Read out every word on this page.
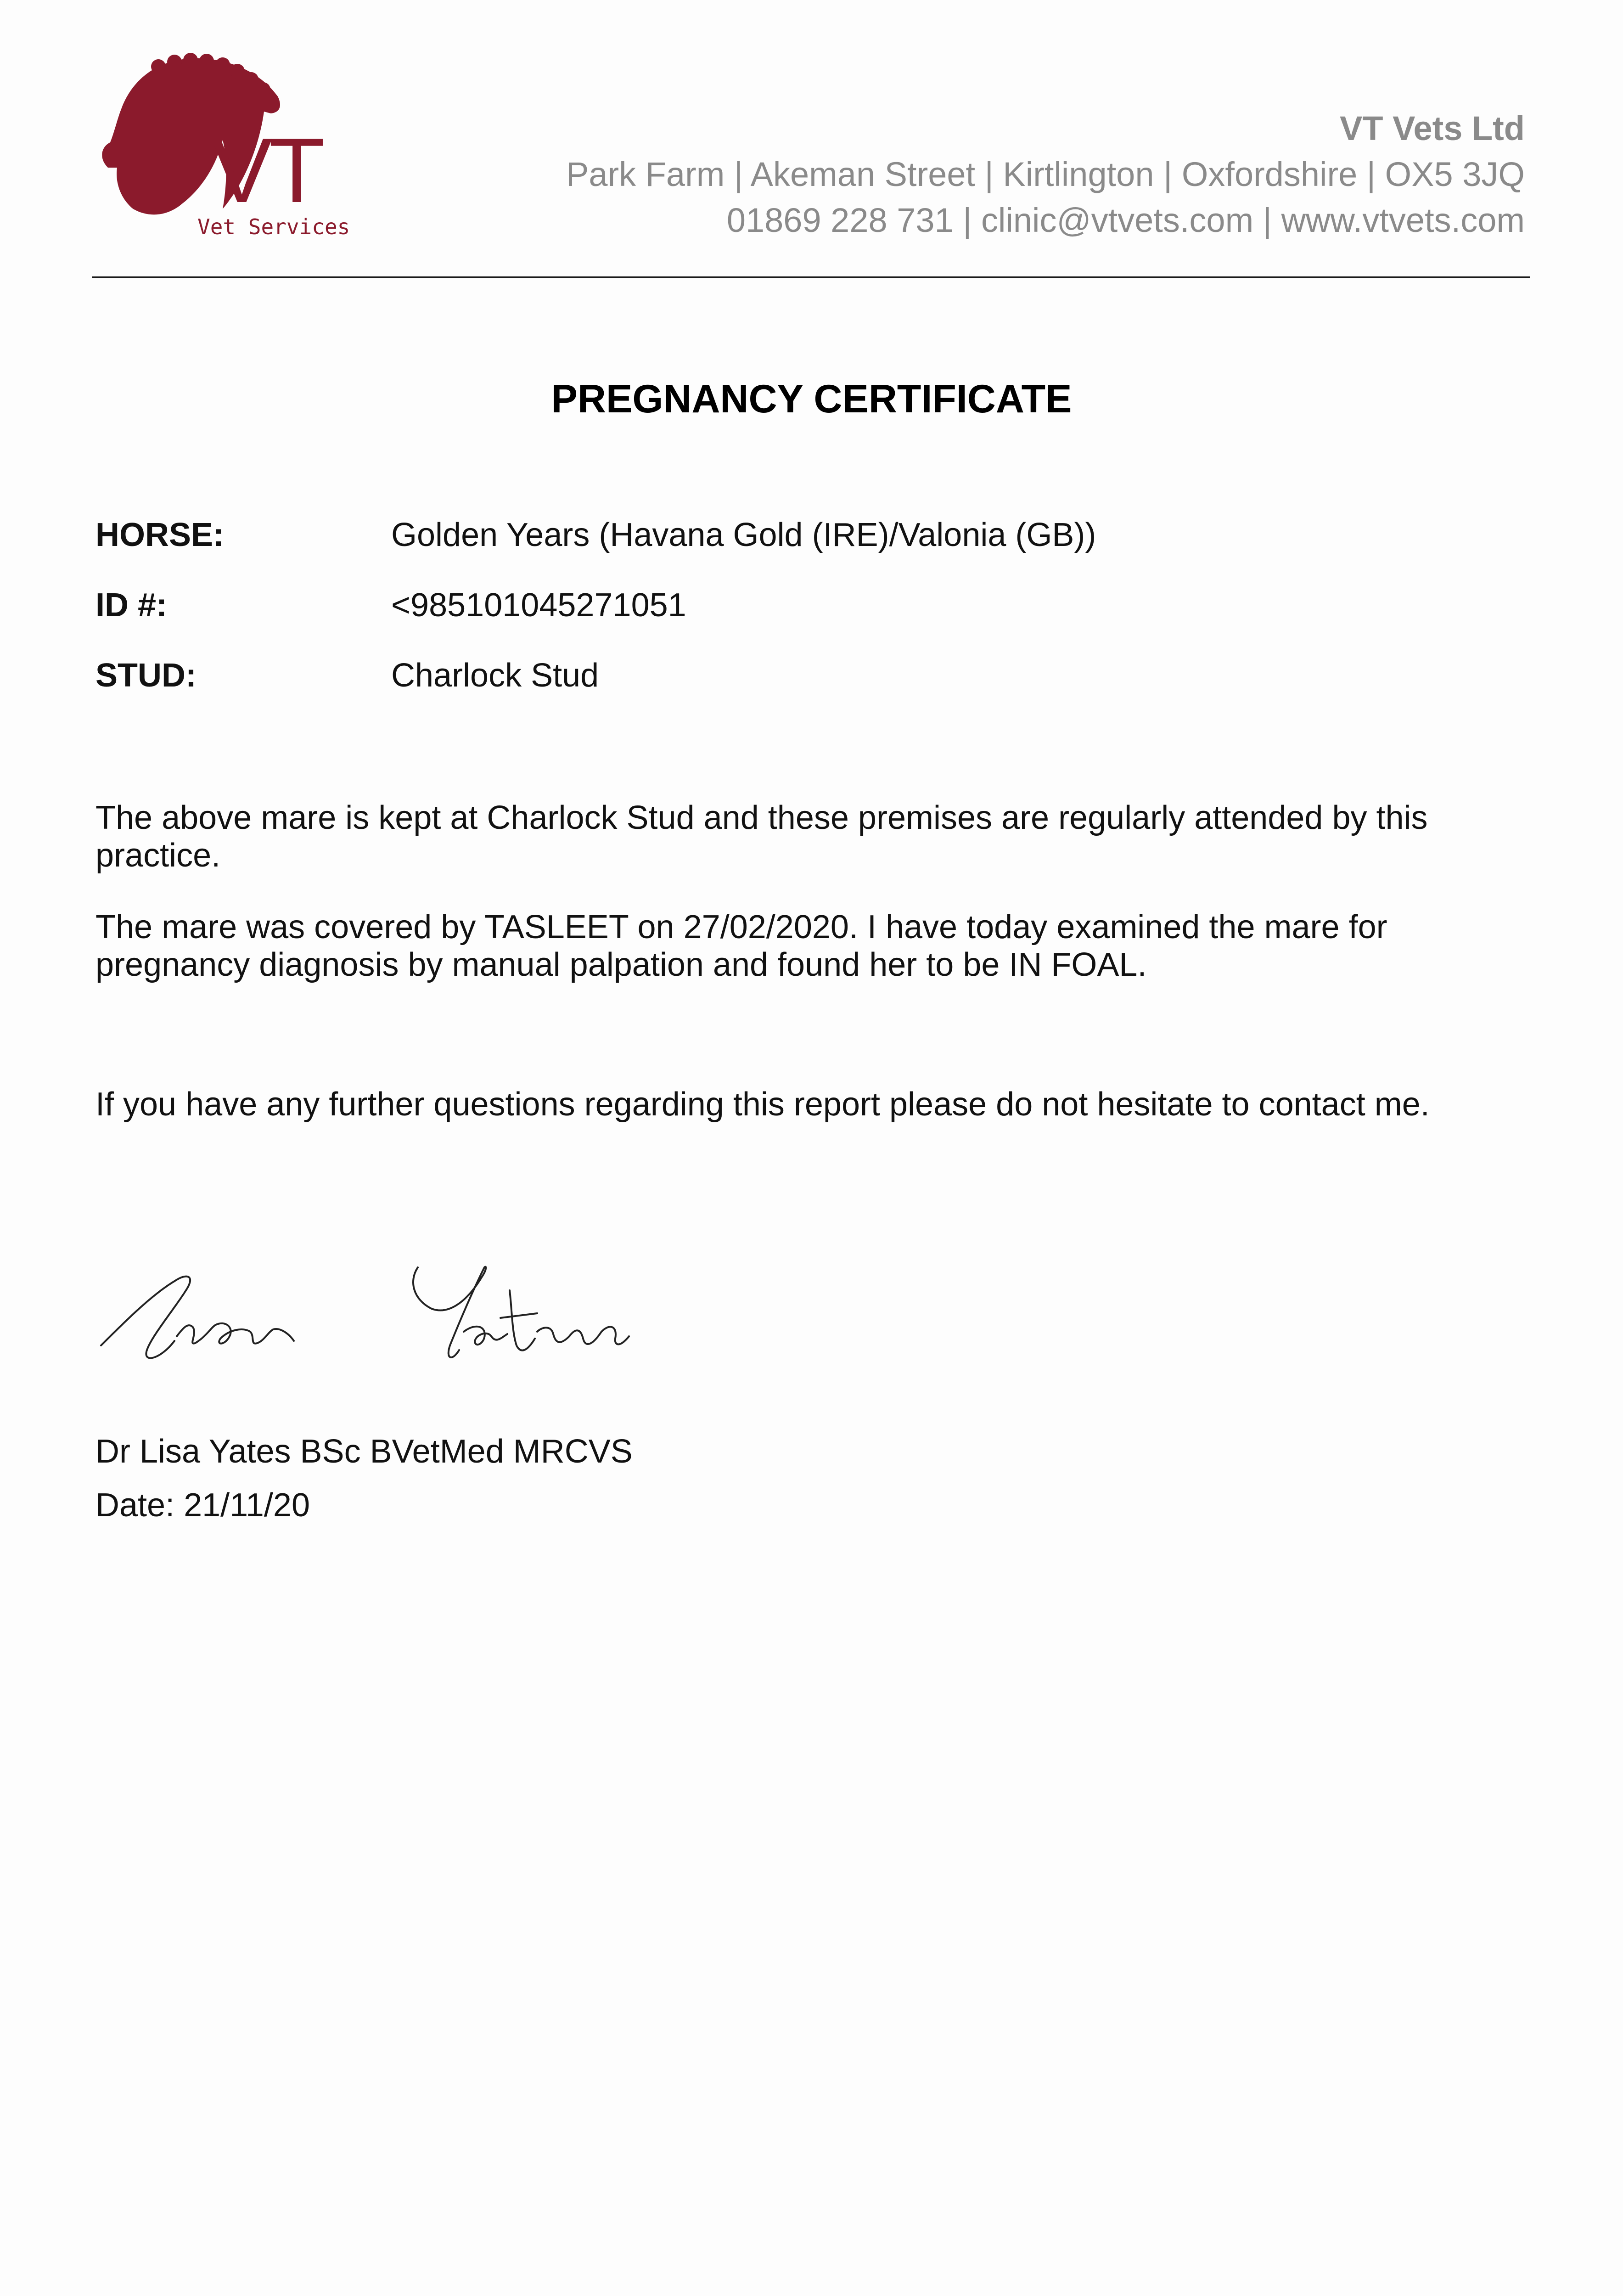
VT
Vet Services
VT Vets Ltd
Park Farm | Akeman Street | Kirtlington | Oxfordshire | OX5 3JQ
01869 228 731 | clinic@vtvets.com | www.vtvets.com
PREGNANCY CERTIFICATE
HORSE:	Golden Years (Havana Gold (IRE)/Valonia (GB))
ID #:	<985101045271051
STUD:	Charlock Stud
The above mare is kept at Charlock Stud and these premises are regularly attended by this practice.
The mare was covered by TASLEET on 27/02/2020. I have today examined the mare for pregnancy diagnosis by manual palpation and found her to be IN FOAL.
If you have any further questions regarding this report please do not hesitate to contact me.
Dr Lisa Yates BSc BVetMed MRCVS
Date: 21/11/20
